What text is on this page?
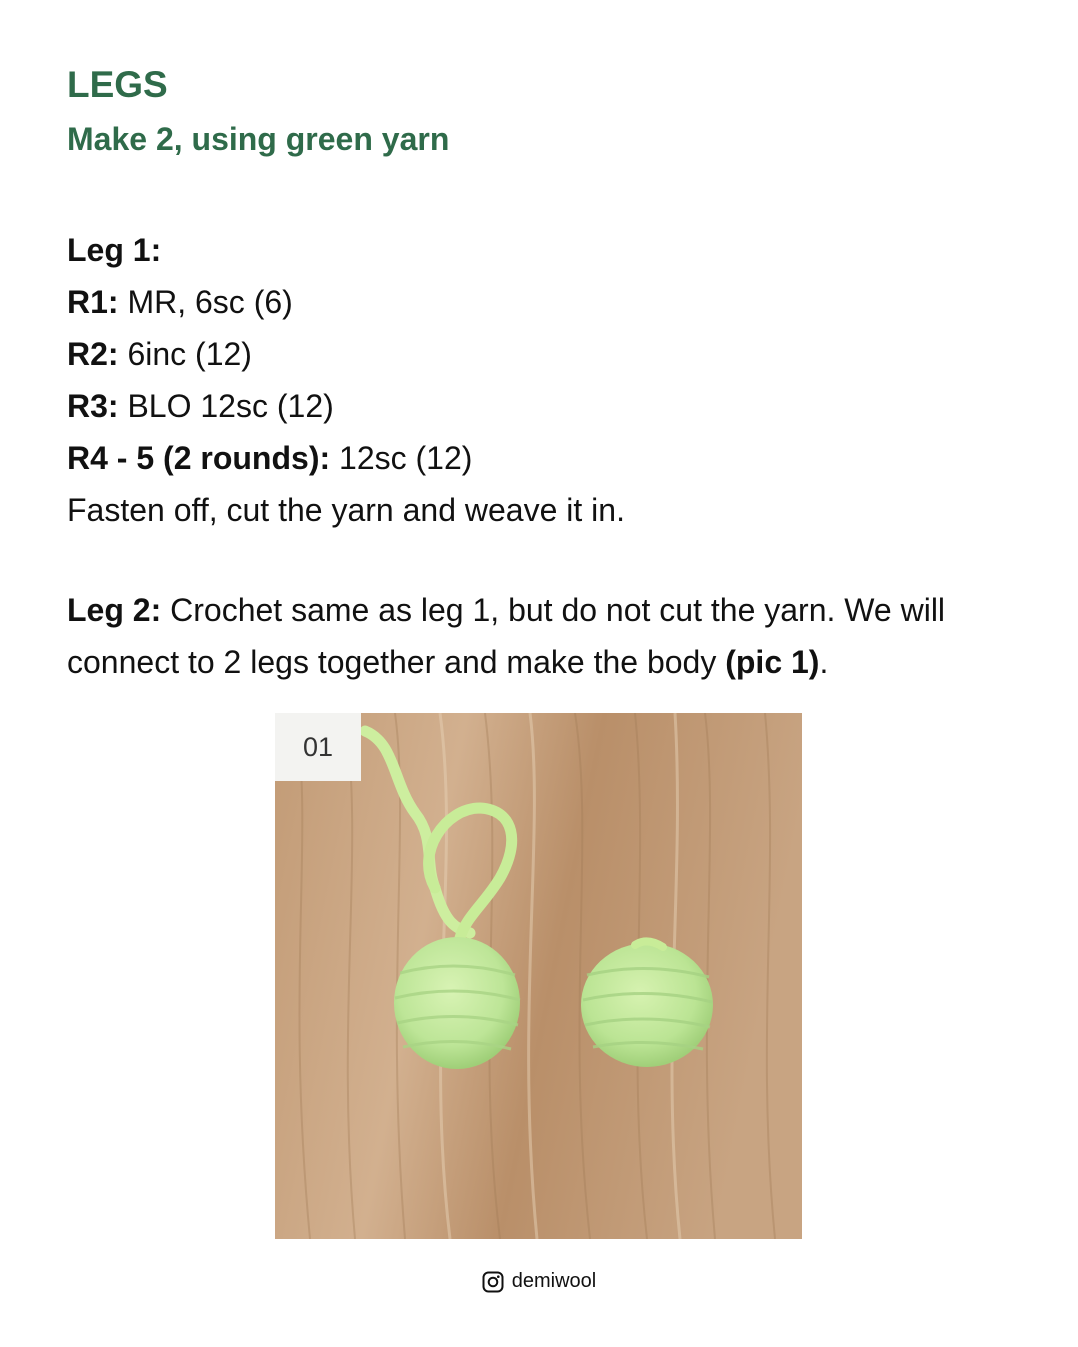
LEGS
Make 2, using green yarn

Leg 1:

R1: MR, 6sc (6)

R2: 6inc (12)

R3: BLO 12sc (12)

R4 - 5 (2 rounds): 12sc (12)

Fasten off, cut the yarn and weave it in.

Leg 2: Crochet same as leg 1, but do not cut the yarn. We will connect to 2 legs together and make the body (pic 1).

01
demiwool
